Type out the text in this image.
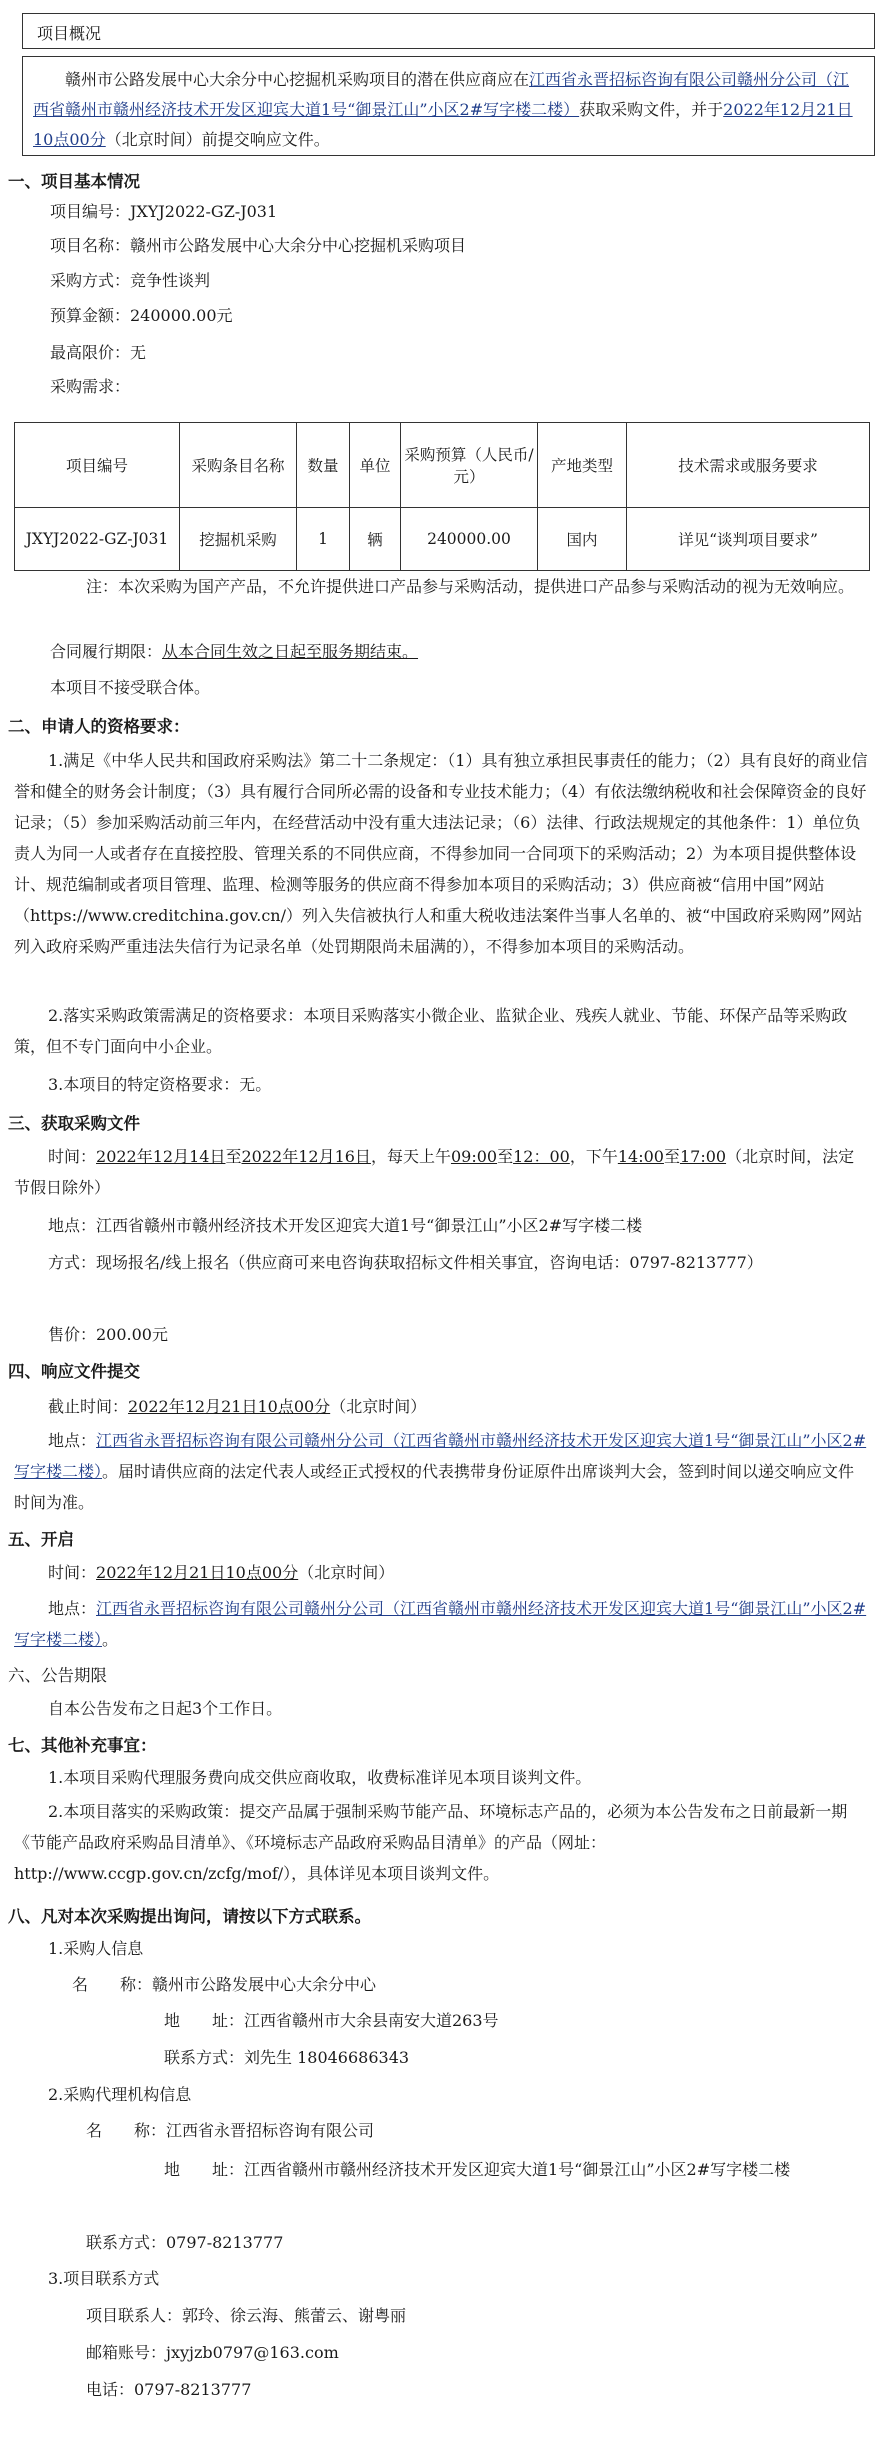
项目概况
赣州市公路发展中心大余分中心挖掘机采购项目的潜在供应商应在江西省永晋招标咨询有限公司赣州分公司（江西省赣州市赣州经济技术开发区迎宾大道1号“御景江山”小区2#写字楼二楼）获取采购文件，并于2022年12月21日10点00分（北京时间）前提交响应文件。
一、项目基本情况
项目编号：JXYJ2022-GZ-J031
项目名称：赣州市公路发展中心大余分中心挖掘机采购项目
采购方式：竞争性谈判
预算金额：240000.00元
最高限价：无
采购需求：
项目编号	采购条目名称	数量	单位	采购预算（人民币/元）	产地类型	技术需求或服务要求
JXYJ2022-GZ-J031	挖掘机采购	1	辆	240000.00	国内	详见“谈判项目要求”
注：本次采购为国产产品，不允许提供进口产品参与采购活动，提供进口产品参与采购活动的视为无效响应。
合同履行期限：从本合同生效之日起至服务期结束。
本项目不接受联合体。
二、申请人的资格要求：
1.满足《中华人民共和国政府采购法》第二十二条规定：（1）具有独立承担民事责任的能力；（2）具有良好的商业信誉和健全的财务会计制度；（3）具有履行合同所必需的设备和专业技术能力；（4）有依法缴纳税收和社会保障资金的良好记录；（5）参加采购活动前三年内，在经营活动中没有重大违法记录；（6）法律、行政法规规定的其他条件：1）单位负责人为同一人或者存在直接控股、管理关系的不同供应商，不得参加同一合同项下的采购活动；2）为本项目提供整体设计、规范编制或者项目管理、监理、检测等服务的供应商不得参加本项目的采购活动；3）供应商被“信用中国”网站（https://www.creditchina.gov.cn/）列入失信被执行人和重大税收违法案件当事人名单的、被“中国政府采购网”网站列入政府采购严重违法失信行为记录名单（处罚期限尚未届满的），不得参加本项目的采购活动。
2.落实采购政策需满足的资格要求：本项目采购落实小微企业、监狱企业、残疾人就业、节能、环保产品等采购政策，但不专门面向中小企业。
3.本项目的特定资格要求：无。
三、获取采购文件
时间：2022年12月14日至2022年12月16日，每天上午09:00至12：00，下午14:00至17:00（北京时间，法定节假日除外）
地点：江西省赣州市赣州经济技术开发区迎宾大道1号“御景江山”小区2#写字楼二楼
方式：现场报名/线上报名（供应商可来电咨询获取招标文件相关事宜，咨询电话：0797-8213777）
售价：200.00元
四、响应文件提交
截止时间：2022年12月21日10点00分（北京时间）
地点：江西省永晋招标咨询有限公司赣州分公司（江西省赣州市赣州经济技术开发区迎宾大道1号“御景江山”小区2#写字楼二楼）。届时请供应商的法定代表人或经正式授权的代表携带身份证原件出席谈判大会，签到时间以递交响应文件时间为准。
五、开启
时间：2022年12月21日10点00分（北京时间）
地点：江西省永晋招标咨询有限公司赣州分公司（江西省赣州市赣州经济技术开发区迎宾大道1号“御景江山”小区2#写字楼二楼）。
六、公告期限
自本公告发布之日起3个工作日。
七、其他补充事宜：
1.本项目采购代理服务费向成交供应商收取，收费标准详见本项目谈判文件。
2.本项目落实的采购政策：提交产品属于强制采购节能产品、环境标志产品的，必须为本公告发布之日前最新一期《节能产品政府采购品目清单》、《环境标志产品政府采购品目清单》的产品（网址：http://www.ccgp.gov.cn/zcfg/mof/），具体详见本项目谈判文件。
八、凡对本次采购提出询问，请按以下方式联系。
1.采购人信息
名　　称：赣州市公路发展中心大余分中心
地　　址：江西省赣州市大余县南安大道263号
联系方式：刘先生 18046686343
2.采购代理机构信息
名　　称：江西省永晋招标咨询有限公司
地　　址：江西省赣州市赣州经济技术开发区迎宾大道1号“御景江山”小区2#写字楼二楼
联系方式：0797-8213777
3.项目联系方式
项目联系人：郭玲、徐云海、熊蕾云、谢粤丽
邮箱账号：jxyjzb0797@163.com
电话：0797-8213777
